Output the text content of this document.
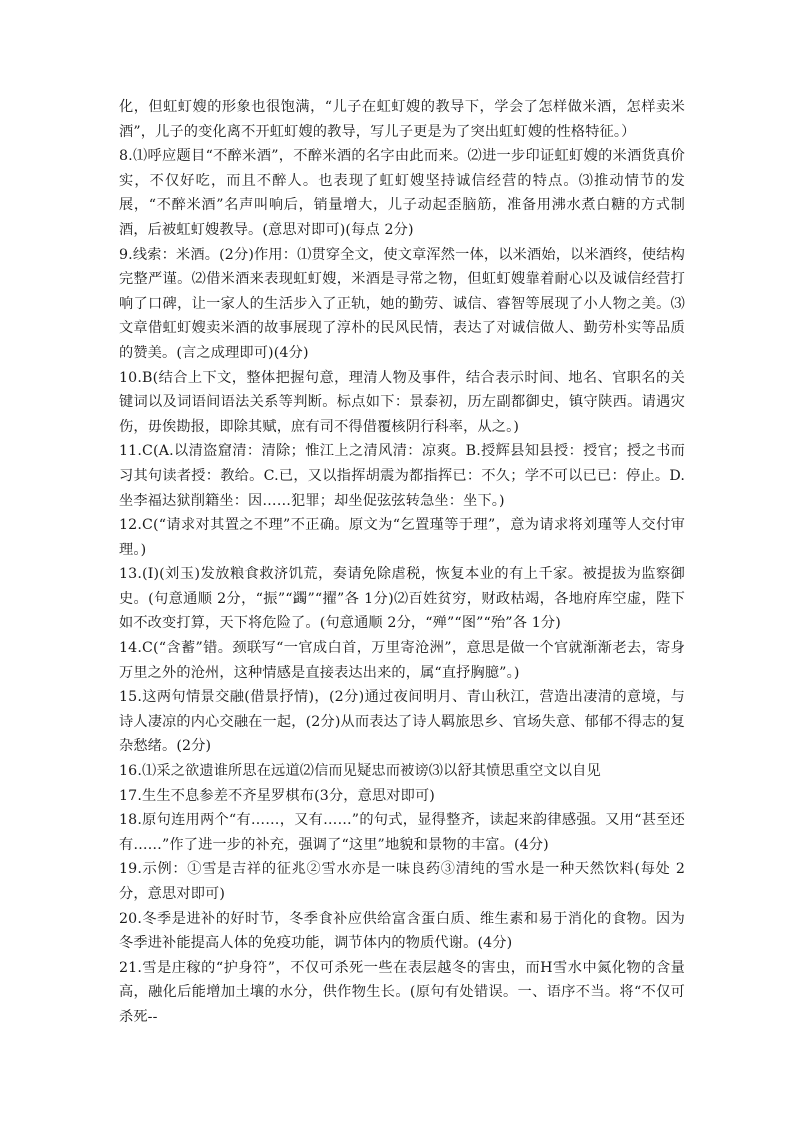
化，但虹虰嫂的形象也很饱满，“儿子在虹虰嫂的教导下，学会了怎样做米酒，怎样卖米酒”，儿子的变化离不开虹虰嫂的教导，写儿子更是为了突出虹虰嫂的性格特征。）

8.⑴呼应题目“不醉米酒”，不醉米酒的名字由此而来。⑵进一步印证虹虰嫂的米酒货真价实，不仅好吃，而且不醉人。也表现了虹虰嫂坚持诚信经营的特点。⑶推动情节的发展，“不醉米酒”名声叫响后，销量增大，儿子动起歪脑筋，准备用沸水煮白糖的方式制酒，后被虹虰嫂教导。(意思对即可)(每点 2分)

9.线索：米酒。(2分)作用：⑴贯穿全文，使文章浑然一体，以米酒始，以米酒终，使结构完整严谨。⑵借米酒来表现虹虰嫂，米酒是寻常之物，但虹虰嫂靠着耐心以及诚信经营打响了口碑，让一家人的生活步入了正轨，她的勤劳、诚信、睿智等展现了小人物之美。⑶文章借虹虰嫂卖米酒的故事展现了淳朴的民风民情，表达了对诚信做人、勤劳朴实等品质的赞美。(言之成理即可)(4分)

10.B(结合上下文，整体把握句意，理清人物及事件，结合表示时间、地名、官职名的关键词以及词语间语法关系等判断。标点如下：景泰初，历左副都御史，镇守陕西。请遇灾伤，毋俟勘报，即除其赋，庶有司不得借覆核阴行科率，从之。)

11.C(A.以清盗窟清：清除；惟江上之清风清：凉爽。B.授辉县知县授：授官；授之书而习其句读者授：教给。C.已，又以指挥胡震为都指挥已：不久；学不可以已已：停止。D.坐李福达狱削籍坐：因……犯罪；却坐促弦弦转急坐：坐下。)

12.C(“请求对其置之不理”不正确。原文为“乞置瑾等于理”，意为请求将刘瑾等人交付审理。)

13.(I)(刘玉)发放粮食救济饥荒，奏请免除虐税，恢复本业的有上千家。被提拔为监察御史。(句意通顺 2分，“振”“蠲”“擢”各 1分)⑵百姓贫穷，财政枯竭，各地府库空虚，陛下如不改变打算，天下将危险了。(句意通顺 2分，“殚”“图”“殆”各 1分)

14.C(“含蓄”错。颈联写“一官成白首，万里寄沧洲”，意思是做一个官就渐渐老去，寄身万里之外的沧州，这种情感是直接表达出来的，属“直抒胸臆”。)

15.这两句情景交融(借景抒情)，(2分)通过夜间明月、青山秋江，营造出凄清的意境，与诗人凄凉的内心交融在一起，(2分)从而表达了诗人羁旅思乡、官场失意、郁郁不得志的复杂愁绪。(2分)

16.⑴采之欲遗谁所思在远道⑵信而见疑忠而被谤⑶以舒其愤思重空文以自见

17.生生不息参差不齐星罗棋布(3分，意思对即可)

18.原句连用两个“有……，又有……”的句式，显得整齐，读起来韵律感强。又用“甚至还有……”作了进一步的补充，强调了“这里”地貌和景物的丰富。(4分)

19.示例：①雪是吉祥的征兆②雪水亦是一味良药③清纯的雪水是一种天然饮料(每处 2分，意思对即可)

20.冬季是进补的好时节，冬季食补应供给富含蛋白质、维生素和易于消化的食物。因为冬季进补能提高人体的免疫功能，调节体内的物质代谢。(4分)

21.雪是庄稼的“护身符”，不仅可杀死一些在表层越冬的害虫，而H雪水中氮化物的含量高，融化后能增加土壤的水分，供作物生长。(原句有处错误。一、语序不当。将“不仅可杀死--
